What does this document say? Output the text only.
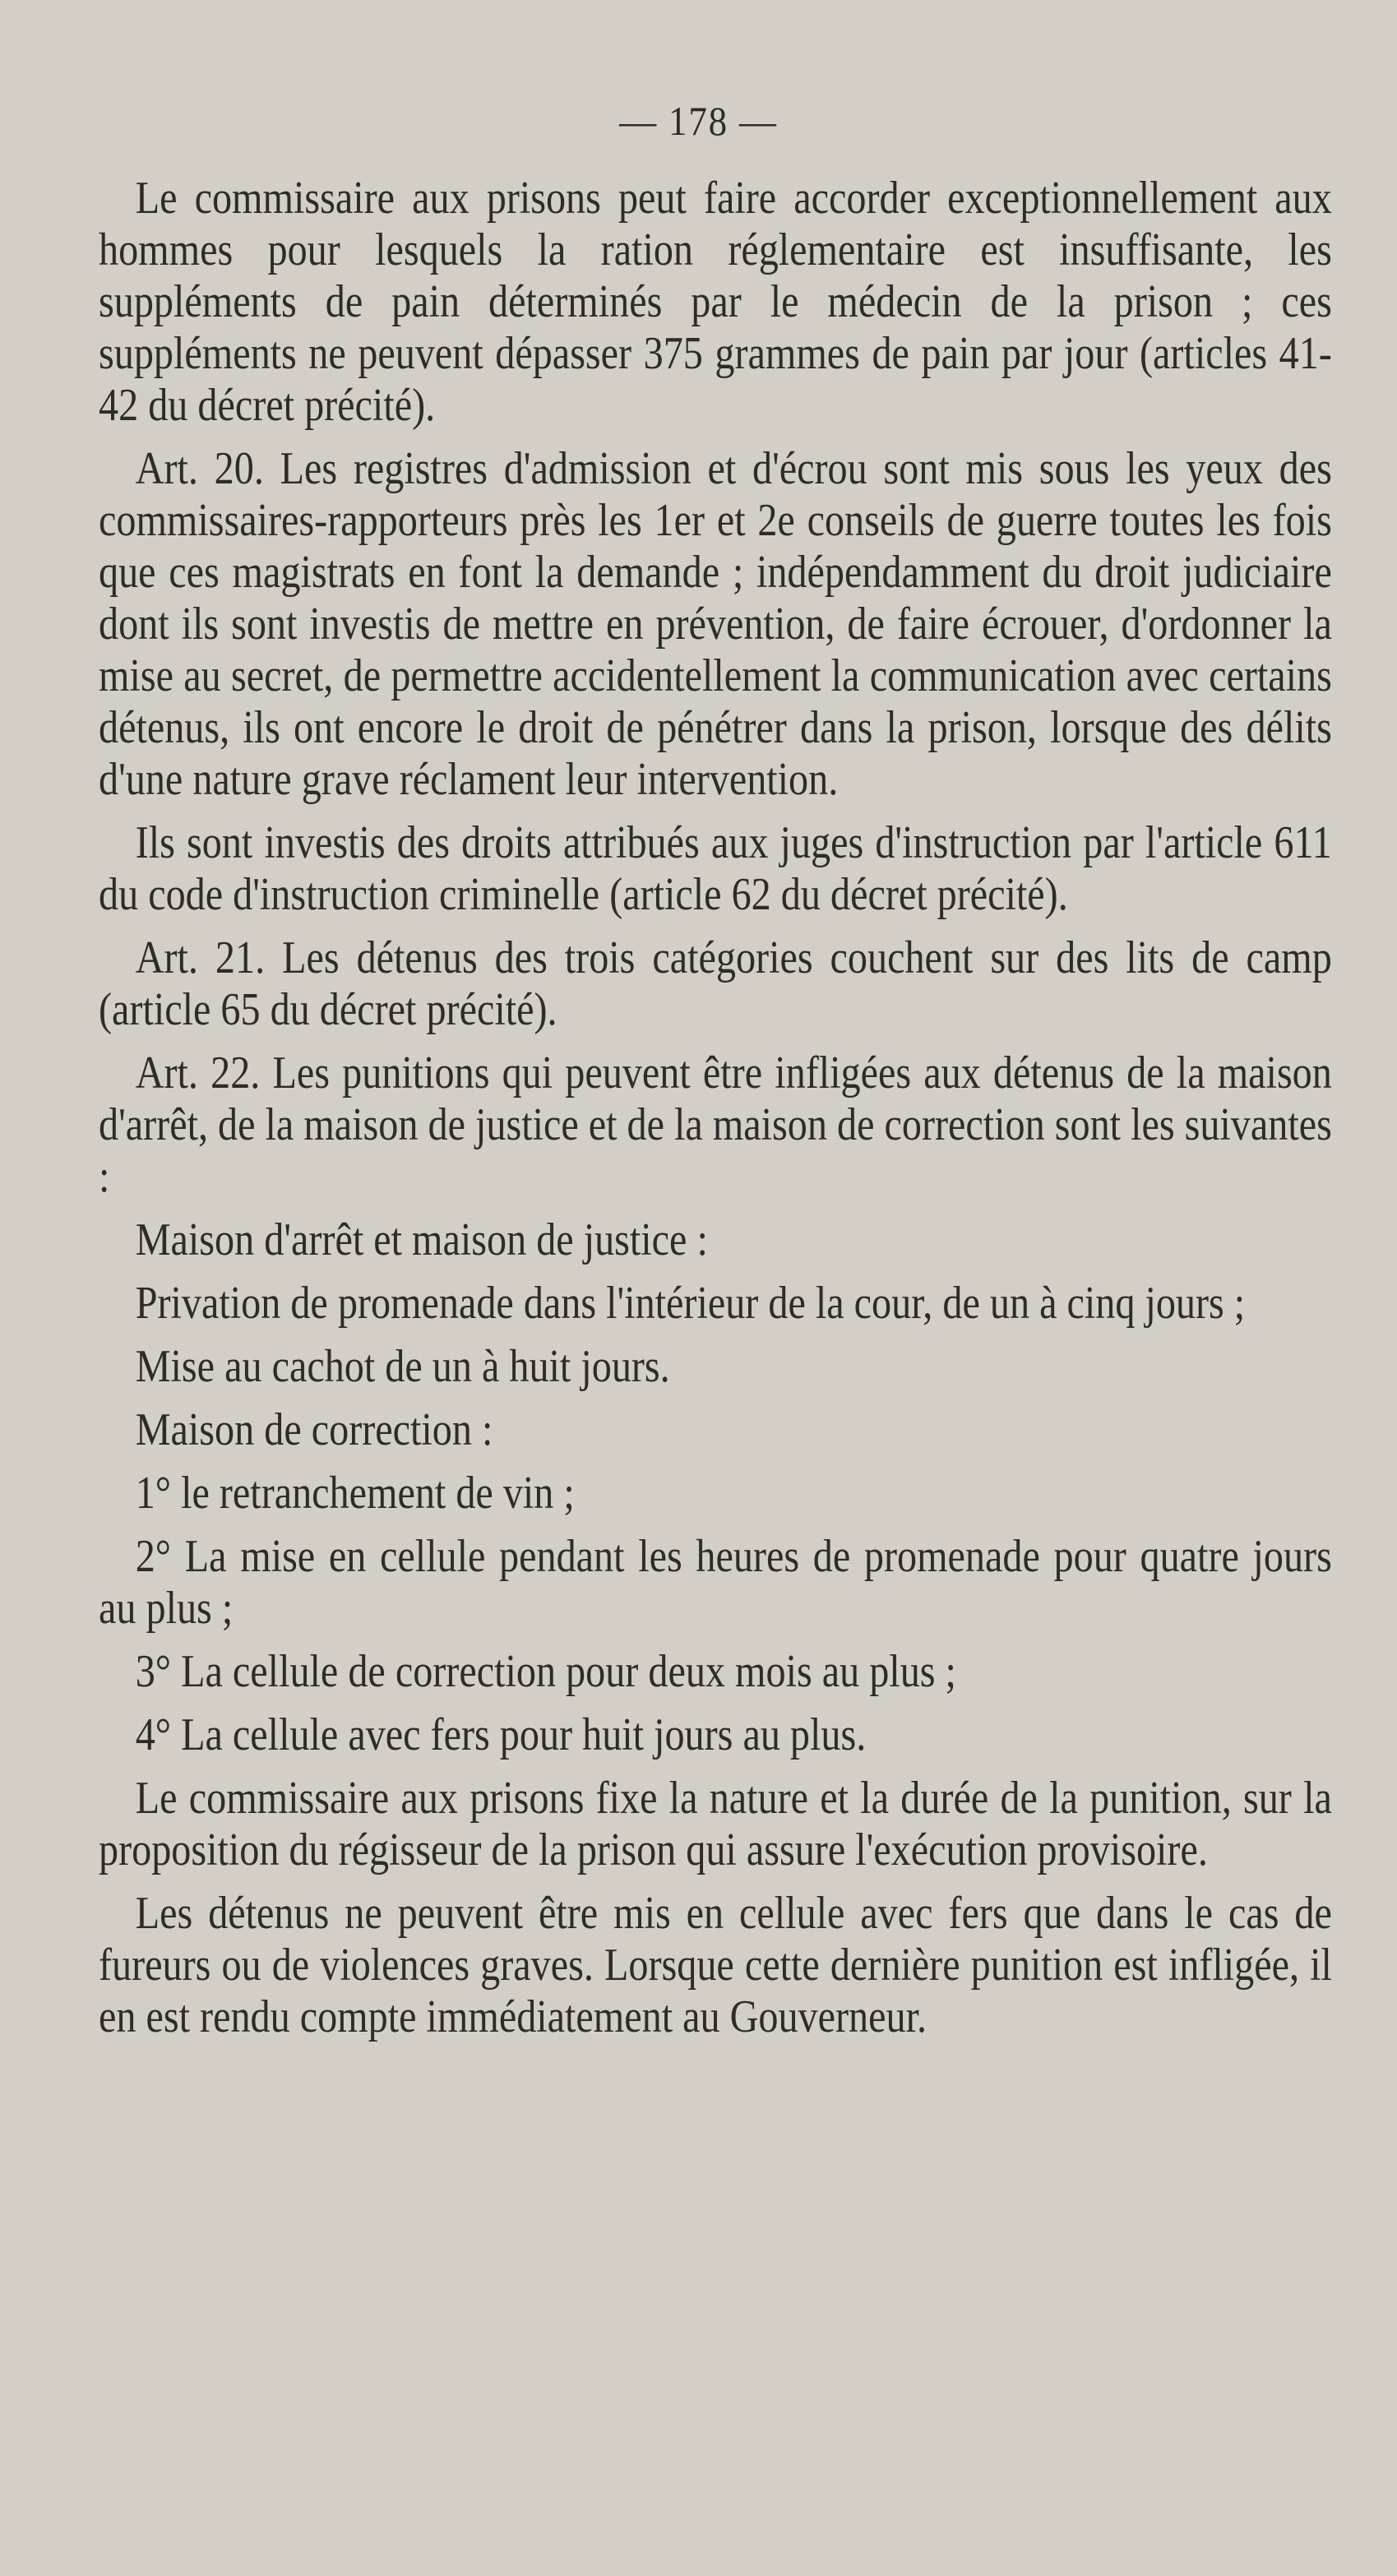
— 178 —

Le commissaire aux prisons peut faire accorder exceptionnellement aux hommes pour lesquels la ration réglementaire est insuffisante, les suppléments de pain déterminés par le médecin de la prison ; ces suppléments ne peuvent dépasser 375 grammes de pain par jour (articles 41-42 du décret précité).

Art. 20. Les registres d'admission et d'écrou sont mis sous les yeux des commissaires-rapporteurs près les 1er et 2e conseils de guerre toutes les fois que ces magistrats en font la demande ; indépendamment du droit judiciaire dont ils sont investis de mettre en prévention, de faire écrouer, d'ordonner la mise au secret, de permettre accidentellement la communication avec certains détenus, ils ont encore le droit de pénétrer dans la prison, lorsque des délits d'une nature grave réclament leur intervention.

Ils sont investis des droits attribués aux juges d'instruction par l'article 611 du code d'instruction criminelle (article 62 du décret précité).

Art. 21. Les détenus des trois catégories couchent sur des lits de camp (article 65 du décret précité).

Art. 22. Les punitions qui peuvent être infligées aux détenus de la maison d'arrêt, de la maison de justice et de la maison de correction sont les suivantes :

Maison d'arrêt et maison de justice :

Privation de promenade dans l'intérieur de la cour, de un à cinq jours ;

Mise au cachot de un à huit jours.

Maison de correction :

1° le retranchement de vin ;

2° La mise en cellule pendant les heures de promenade pour quatre jours au plus ;

3° La cellule de correction pour deux mois au plus ;

4° La cellule avec fers pour huit jours au plus.

Le commissaire aux prisons fixe la nature et la durée de la punition, sur la proposition du régisseur de la prison qui assure l'exécution provisoire.

Les détenus ne peuvent être mis en cellule avec fers que dans le cas de fureurs ou de violences graves. Lorsque cette dernière punition est infligée, il en est rendu compte immédiatement au Gouverneur.
